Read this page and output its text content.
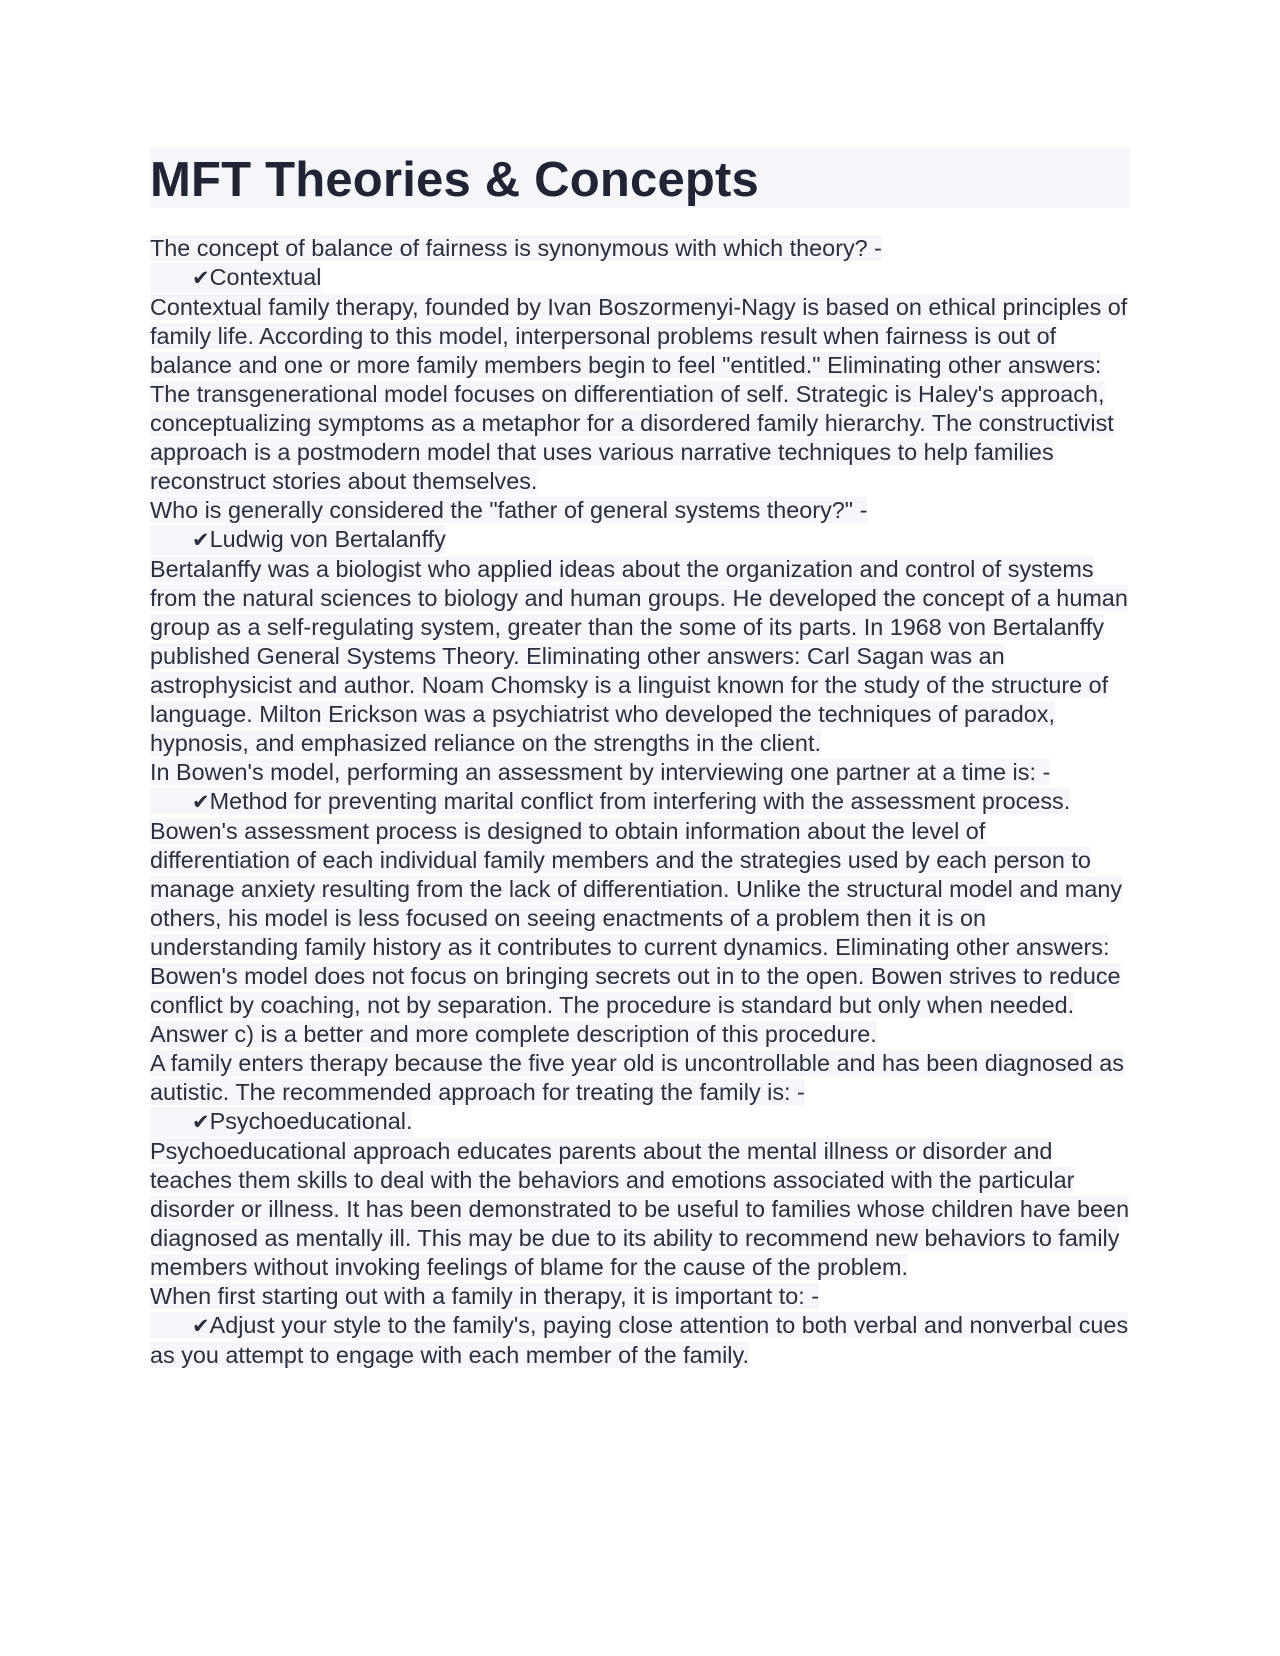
MFT Theories & Concepts

The concept of balance of fairness is synonymous with which theory? -

✔Contextual

Contextual family therapy, founded by Ivan Boszormenyi-Nagy is based on ethical principles of family life. According to this model, interpersonal problems result when fairness is out of balance and one or more family members begin to feel "entitled." Eliminating other answers: The transgenerational model focuses on differentiation of self. Strategic is Haley's approach, conceptualizing symptoms as a metaphor for a disordered family hierarchy. The constructivist approach is a postmodern model that uses various narrative techniques to help families reconstruct stories about themselves.

Who is generally considered the "father of general systems theory?" -

✔Ludwig von Bertalanffy

Bertalanffy was a biologist who applied ideas about the organization and control of systems from the natural sciences to biology and human groups. He developed the concept of a human group as a self-regulating system, greater than the some of its parts. In 1968 von Bertalanffy published General Systems Theory. Eliminating other answers: Carl Sagan was an astrophysicist and author. Noam Chomsky is a linguist known for the study of the structure of language. Milton Erickson was a psychiatrist who developed the techniques of paradox, hypnosis, and emphasized reliance on the strengths in the client.

In Bowen's model, performing an assessment by interviewing one partner at a time is: -

✔Method for preventing marital conflict from interfering with the assessment process. Bowen's assessment process is designed to obtain information about the level of differentiation of each individual family members and the strategies used by each person to manage anxiety resulting from the lack of differentiation. Unlike the structural model and many others, his model is less focused on seeing enactments of a problem then it is on understanding family history as it contributes to current dynamics. Eliminating other answers: Bowen's model does not focus on bringing secrets out in to the open. Bowen strives to reduce conflict by coaching, not by separation. The procedure is standard but only when needed. Answer c) is a better and more complete description of this procedure.

A family enters therapy because the five year old is uncontrollable and has been diagnosed as autistic. The recommended approach for treating the family is: -

✔Psychoeducational.

Psychoeducational approach educates parents about the mental illness or disorder and teaches them skills to deal with the behaviors and emotions associated with the particular disorder or illness. It has been demonstrated to be useful to families whose children have been diagnosed as mentally ill. This may be due to its ability to recommend new behaviors to family members without invoking feelings of blame for the cause of the problem.

When first starting out with a family in therapy, it is important to: -

✔Adjust your style to the family's, paying close attention to both verbal and nonverbal cues as you attempt to engage with each member of the family.
